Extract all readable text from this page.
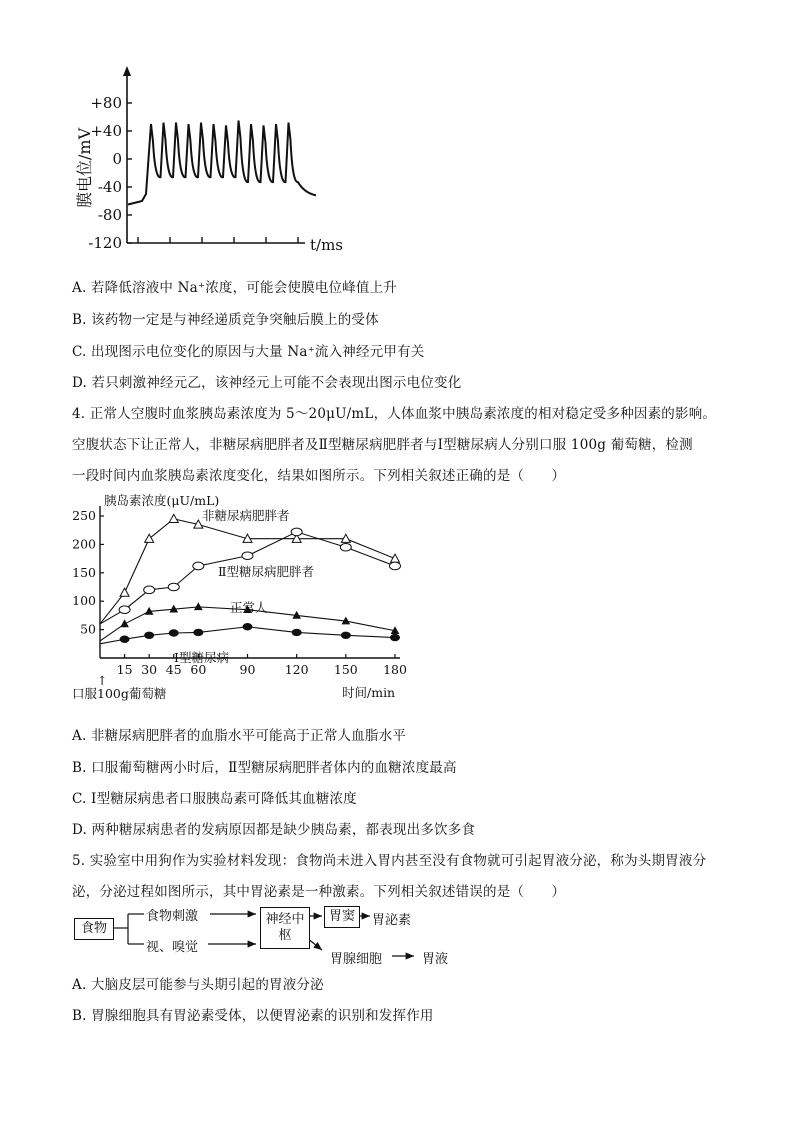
+80
+40
0
-40
-80
-120	t/ms
膜电位/mV
A. 若降低溶液中 Na⁺浓度，可能会使膜电位峰值上升
B. 该药物一定是与神经递质竞争突触后膜上的受体
C. 出现图示电位变化的原因与大量 Na⁺流入神经元甲有关
D. 若只刺激神经元乙，该神经元上可能不会表现出图示电位变化
4. 正常人空腹时血浆胰岛素浓度为 5～20μU/mL，人体血浆中胰岛素浓度的相对稳定受多种因素的影响。
空腹状态下让正常人，非糖尿病肥胖者及Ⅱ型糖尿病肥胖者与Ⅰ型糖尿病人分别口服 100g 葡萄糖，检测
一段时间内血浆胰岛素浓度变化，结果如图所示。下列相关叙述正确的是（　　）
胰岛素浓度(μU/mL)
时间/min
口服100g葡萄糖
↑
50
100
150
200
250
15 30 45 60	90 120 150 180
非糖尿病肥胖者
Ⅱ型糖尿病肥胖者
正常人
Ⅰ型糖尿病
A. 非糖尿病肥胖者的血脂水平可能高于正常人血脂水平
B. 口服葡萄糖两小时后，Ⅱ型糖尿病肥胖者体内的血糖浓度最高
C. Ⅰ型糖尿病患者口服胰岛素可降低其血糖浓度
D. 两种糖尿病患者的发病原因都是缺少胰岛素，都表现出多饮多食
5. 实验室中用狗作为实验材料发现：食物尚未进入胃内甚至没有食物就可引起胃液分泌，称为头期胃液分
泌，分泌过程如图所示，其中胃泌素是一种激素。下列相关叙述错误的是（　　）
食物
食物刺激
视、嗅觉
神经中枢
胃窦	胃泌素
胃腺细胞	胃液
A. 大脑皮层可能参与头期引起的胃液分泌
B. 胃腺细胞具有胃泌素受体，以便胃泌素的识别和发挥作用
